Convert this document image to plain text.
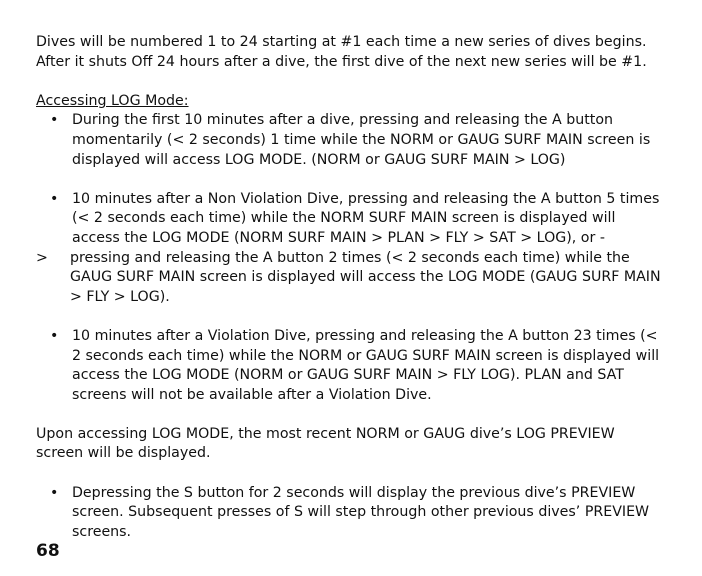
Dives will be numbered 1 to 24 starting at #1 each time a new series of dives begins.

After it shuts Off 24 hours after a dive, the first dive of the next new series will be #1.

Accessing LOG Mode:

• During the first 10 minutes after a dive, pressing and releasing the A button momentarily (< 2 seconds) 1 time while the NORM or GAUG SURF MAIN screen is displayed will access LOG MODE. (NORM or GAUG SURF MAIN > LOG)
• 10 minutes after a Non Violation Dive, pressing and releasing the A button 5 times (< 2 seconds each time) while the NORM SURF MAIN screen is displayed will access the LOG MODE (NORM SURF MAIN > PLAN > FLY > SAT > LOG), or -
> pressing and releasing the A button 2 times (< 2 seconds each time) while the GAUG SURF MAIN screen is displayed will access the LOG MODE (GAUG SURF MAIN > FLY > LOG).
• 10 minutes after a Violation Dive, pressing and releasing the A button 23 times (< 2 seconds each time) while the NORM or GAUG SURF MAIN screen is displayed will access the LOG MODE (NORM or GAUG SURF MAIN > FLY LOG). PLAN and SAT screens will not be available after a Violation Dive.

Upon accessing LOG MODE, the most recent NORM or GAUG dive’s LOG PREVIEW screen will be displayed.

• Depressing the S button for 2 seconds will display the previous dive’s PREVIEW screen. Subsequent presses of S will step through other previous dives’ PREVIEW screens.
68
